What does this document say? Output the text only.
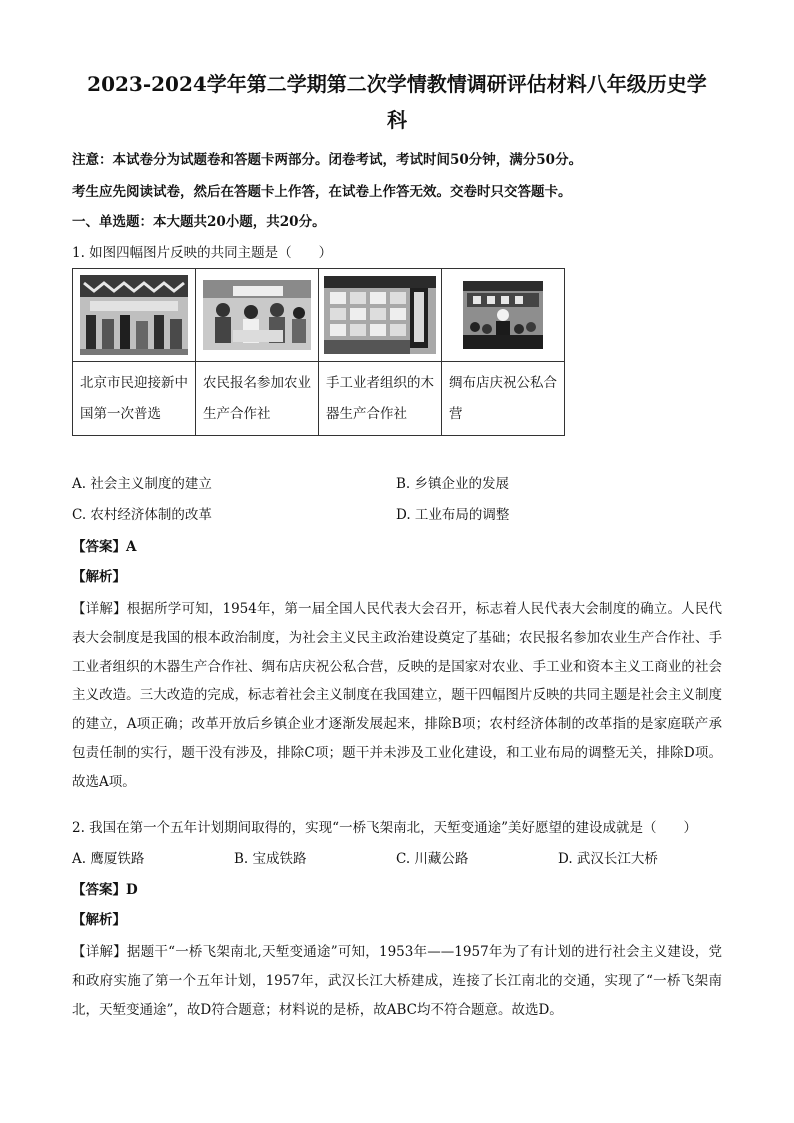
2023-2024学年第二学期第二次学情教情调研评估材料八年级历史学
科
注意：本试卷分为试题卷和答题卡两部分。闭卷考试，考试时间50分钟，满分50分。
考生应先阅读试卷，然后在答题卡上作答，在试卷上作答无效。交卷时只交答题卡。
一、单选题：本大题共20小题，共20分。
1. 如图四幅图片反映的共同主题是（　　）

北京市民迎接新中国第一次普选	农民报名参加农业生产合作社	手工业者组织的木器生产合作社	绸布店庆祝公私合营
A. 社会主义制度的建立	B. 乡镇企业的发展
C. 农村经济体制的改革	D. 工业布局的调整
【答案】A
【解析】
【详解】根据所学可知，1954年，第一届全国人民代表大会召开，标志着人民代表大会制度的确立。人民代表大会制度是我国的根本政治制度，为社会主义民主政治建设奠定了基础；农民报名参加农业生产合作社、手工业者组织的木器生产合作社、绸布店庆祝公私合营，反映的是国家对农业、手工业和资本主义工商业的社会主义改造。三大改造的完成，标志着社会主义制度在我国建立，题干四幅图片反映的共同主题是社会主义制度的建立，A项正确；改革开放后乡镇企业才逐渐发展起来，排除B项；农村经济体制的改革指的是家庭联产承包责任制的实行，题干没有涉及，排除C项；题干并未涉及工业化建设，和工业布局的调整无关，排除D项。故选A项。
2. 我国在第一个五年计划期间取得的，实现“一桥飞架南北，天堑变通途”美好愿望的建设成就是（　　）
A. 鹰厦铁路	B. 宝成铁路	C. 川藏公路	D. 武汉长江大桥
【答案】D
【解析】
【详解】据题干“一桥飞架南北,天堑变通途”可知，1953年——1957年为了有计划的进行社会主义建设，党和政府实施了第一个五年计划，1957年，武汉长江大桥建成，连接了长江南北的交通，实现了“一桥飞架南北，天堑变通途”，故D符合题意；材料说的是桥，故ABC均不符合题意。故选D。
